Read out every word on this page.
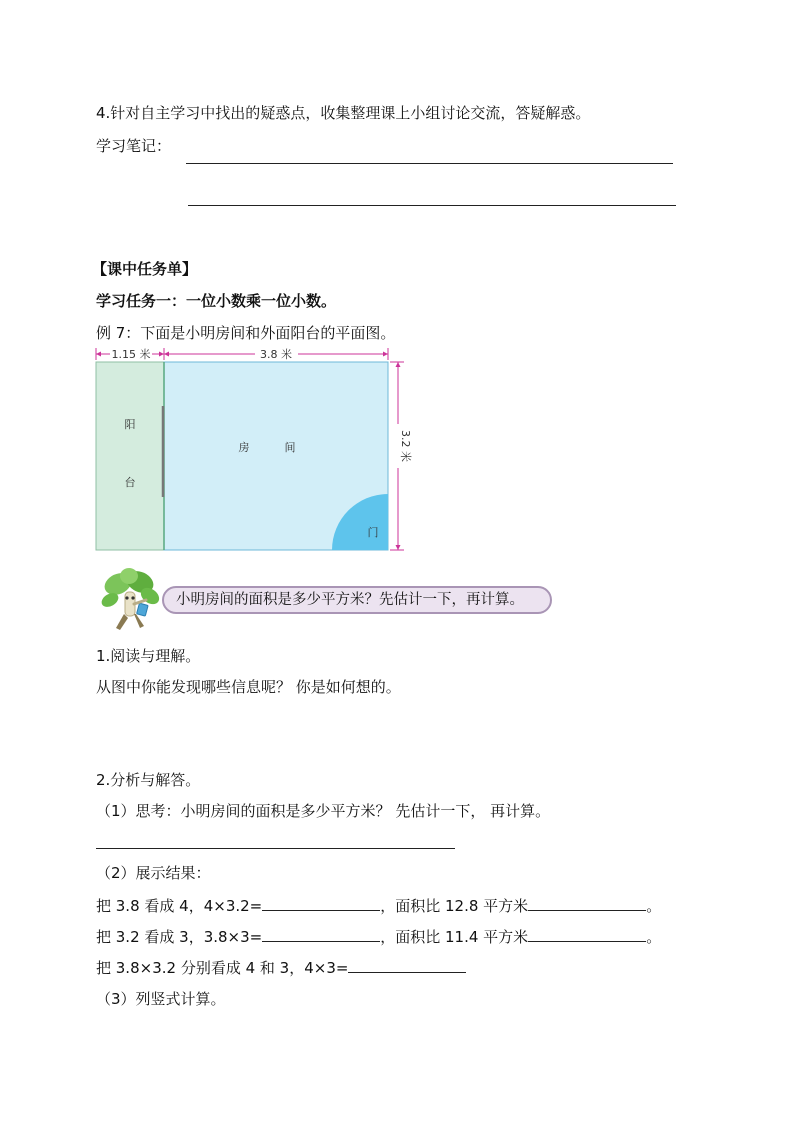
4.针对自主学习中找出的疑惑点，收集整理课上小组讨论交流，答疑解惑。
学习笔记：
【课中任务单】
学习任务一：一位小数乘一位小数。
例 7：下面是小明房间和外面阳台的平面图。
1.15 米	3.8 米
3.2 米
阳
台
房	间
门
小明房间的面积是多少平方米？先估计一下，再计算。
1.阅读与理解。
从图中你能发现哪些信息呢？ 你是如何想的。
2.分析与解答。
（1）思考：小明房间的面积是多少平方米？ 先估计一下， 再计算。
（2）展示结果：
把 3.8 看成 4，4×3.2=	，面积比 12.8 平方米	。
把 3.2 看成 3，3.8×3=	，面积比 11.4 平方米	。
把 3.8×3.2 分别看成 4 和 3，4×3=
（3）列竖式计算。
